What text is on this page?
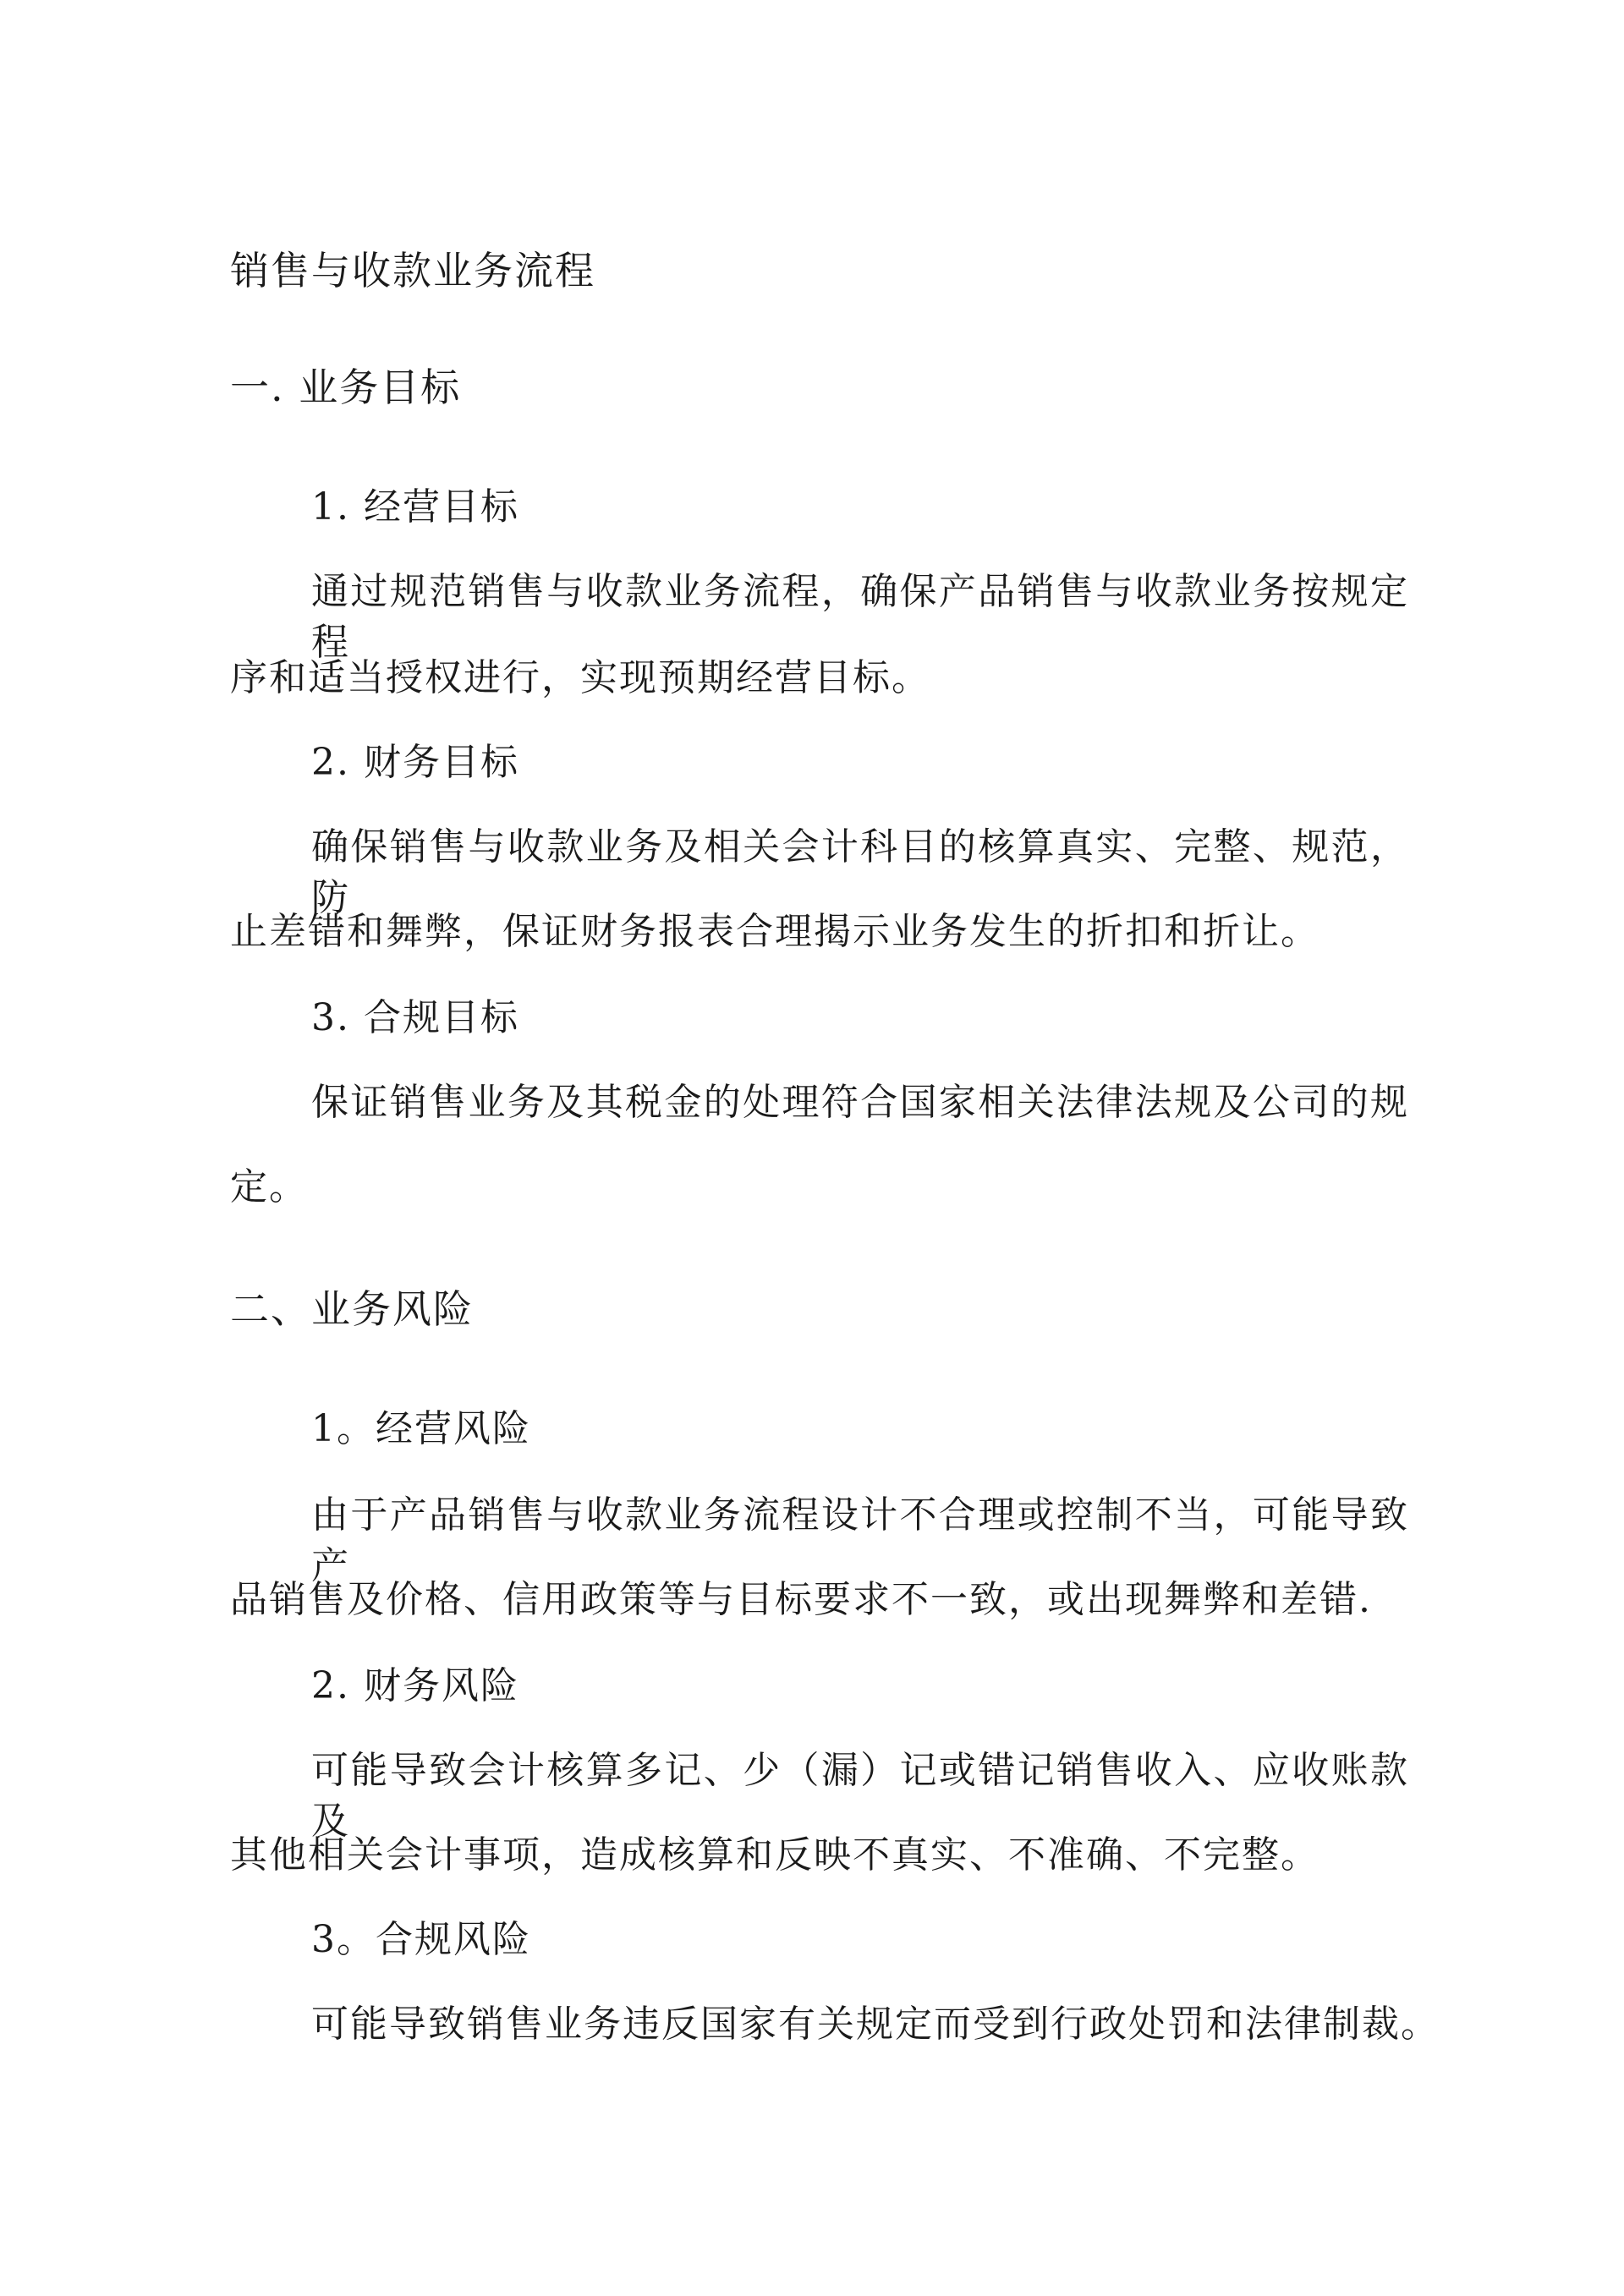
销售与收款业务流程
一. 业务目标
1. 经营目标
通过规范销售与收款业务流程，确保产品销售与收款业务按规定程
序和适当授权进行，实现预期经营目标。
2. 财务目标
确保销售与收款业务及相关会计科目的核算真实、完整、规范，防
止差错和舞弊，保证财务报表合理揭示业务发生的折扣和折让。
3. 合规目标
保证销售业务及其税金的处理符合国家相关法律法规及公司的规
定。
二、业务风险
1。经营风险
由于产品销售与收款业务流程设计不合理或控制不当，可能导致产
品销售及价格、信用政策等与目标要求不一致，或出现舞弊和差错.
2. 财务风险
可能导致会计核算多记、少（漏）记或错记销售收入、应收账款及
其他相关会计事项，造成核算和反映不真实、不准确、不完整。
3。合规风险
可能导致销售业务违反国家有关规定而受到行政处罚和法律制裁。
